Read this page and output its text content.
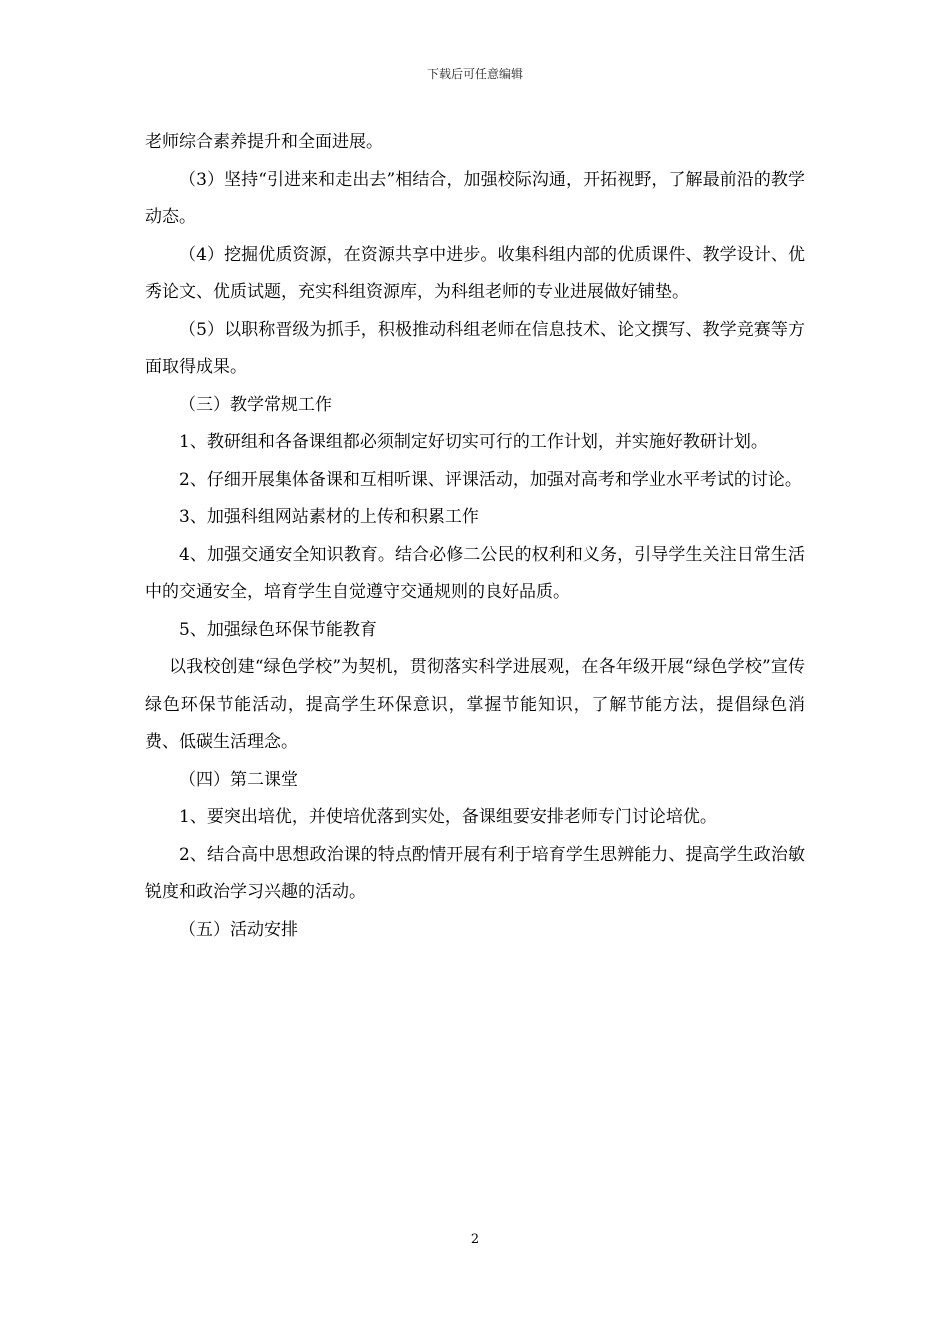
下载后可任意编辑

老师综合素养提升和全面进展。

（3）坚持“引进来和走出去”相结合，加强校际沟通，开拓视野，了解最前沿的教学动态。

（4）挖掘优质资源，在资源共享中进步。收集科组内部的优质课件、教学设计、优秀论文、优质试题，充实科组资源库，为科组老师的专业进展做好铺垫。

（5）以职称晋级为抓手，积极推动科组老师在信息技术、论文撰写、教学竞赛等方面取得成果。

（三）教学常规工作

1、教研组和各备课组都必须制定好切实可行的工作计划，并实施好教研计划。

2、仔细开展集体备课和互相听课、评课活动，加强对高考和学业水平考试的讨论。

3、加强科组网站素材的上传和积累工作

4、加强交通安全知识教育。结合必修二公民的权利和义务，引导学生关注日常生活中的交通安全，培育学生自觉遵守交通规则的良好品质。

5、加强绿色环保节能教育

以我校创建“绿色学校”为契机，贯彻落实科学进展观，在各年级开展“绿色学校”宣传绿色环保节能活动，提高学生环保意识，掌握节能知识，了解节能方法，提倡绿色消费、低碳生活理念。

（四）第二课堂

1、要突出培优，并使培优落到实处，备课组要安排老师专门讨论培优。

2、结合高中思想政治课的特点酌情开展有利于培育学生思辨能力、提高学生政治敏锐度和政治学习兴趣的活动。

（五）活动安排

2
